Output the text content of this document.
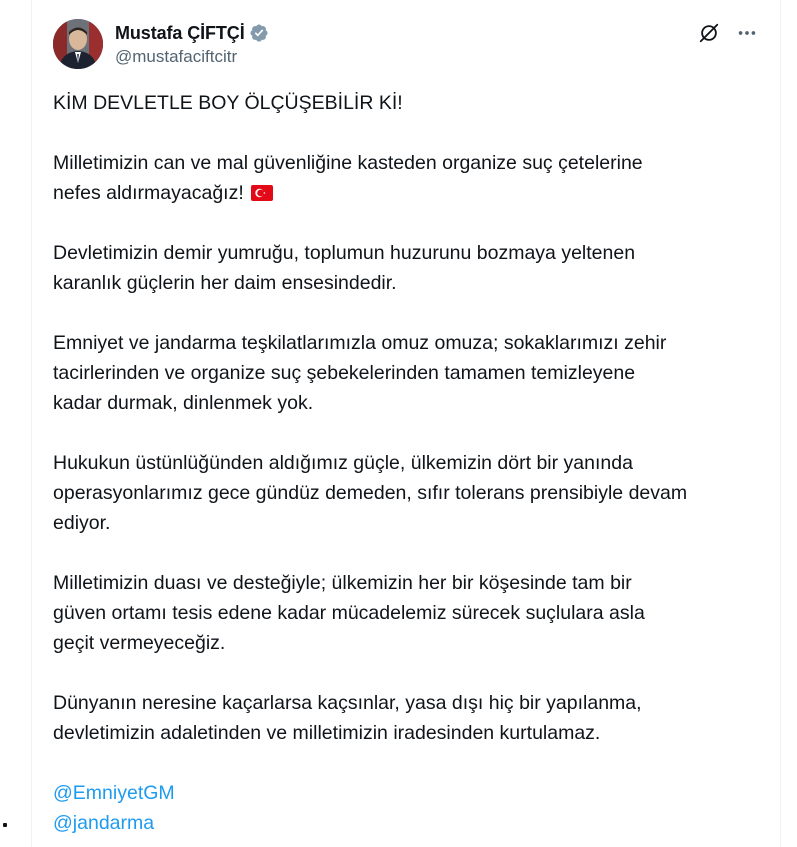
Mustafa ÇİFTÇİ
@mustafaciftcitr

KİM DEVLETLE BOY ÖLÇÜŞEBİLİR Kİ!

Milletimizin can ve mal güvenliğine kasteden organize suç çetelerine
nefes aldırmayacağız!

Devletimizin demir yumruğu, toplumun huzurunu bozmaya yeltenen
karanlık güçlerin her daim ensesindedir.

Emniyet ve jandarma teşkilatlarımızla omuz omuza; sokaklarımızı zehir
tacirlerinden ve organize suç şebekelerinden tamamen temizleyene
kadar durmak, dinlenmek yok.

Hukukun üstünlüğünden aldığımız güçle, ülkemizin dört bir yanında
operasyonlarımız gece gündüz demeden, sıfır tolerans prensibiyle devam
ediyor.

Milletimizin duası ve desteğiyle; ülkemizin her bir köşesinde tam bir
güven ortamı tesis edene kadar mücadelemiz sürecek suçlulara asla
geçit vermeyeceğiz.

Dünyanın neresine kaçarlarsa kaçsınlar, yasa dışı hiç bir yapılanma,
devletimizin adaletinden ve milletimizin iradesinden kurtulamaz.

@EmniyetGM
@jandarma
